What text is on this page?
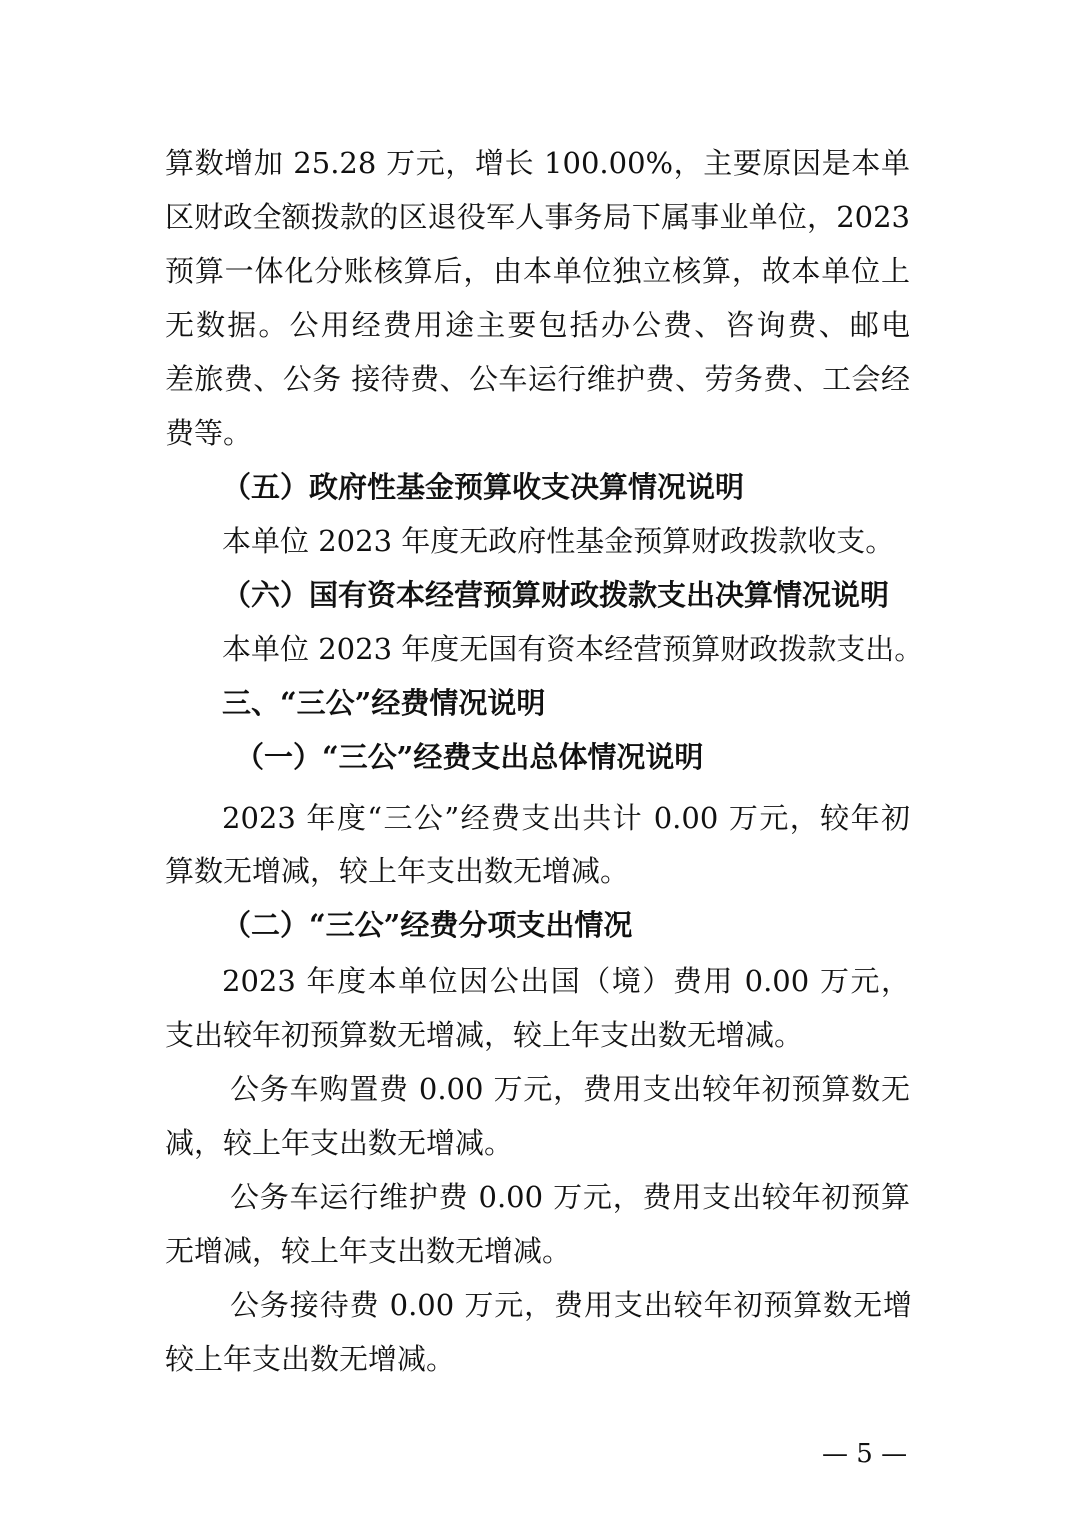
算数增加 25.28 万元，增长 100.00%，主要原因是本单
区财政全额拨款的区退役军人事务局下属事业单位，2023
预算一体化分账核算后，由本单位独立核算，故本单位上
无数据。公用经费用途主要包括办公费、咨询费、邮电
差旅费、公务 接待费、公车运行维护费、劳务费、工会经
费等。
（五）政府性基金预算收支决算情况说明
本单位 2023 年度无政府性基金预算财政拨款收支。
（六）国有资本经营预算财政拨款支出决算情况说明
本单位 2023 年度无国有资本经营预算财政拨款支出。
三、“三公”经费情况说明
（一）“三公”经费支出总体情况说明
2023 年度“三公”经费支出共计 0.00 万元，较年初
算数无增减，较上年支出数无增减。
（二）“三公”经费分项支出情况
2023 年度本单位因公出国（境）费用 0.00 万元，
支出较年初预算数无增减，较上年支出数无增减。
公务车购置费 0.00 万元，费用支出较年初预算数无
减，较上年支出数无增减。
公务车运行维护费 0.00 万元，费用支出较年初预算
无增减，较上年支出数无增减。
公务接待费 0.00 万元，费用支出较年初预算数无增
较上年支出数无增减。
— 5 —
